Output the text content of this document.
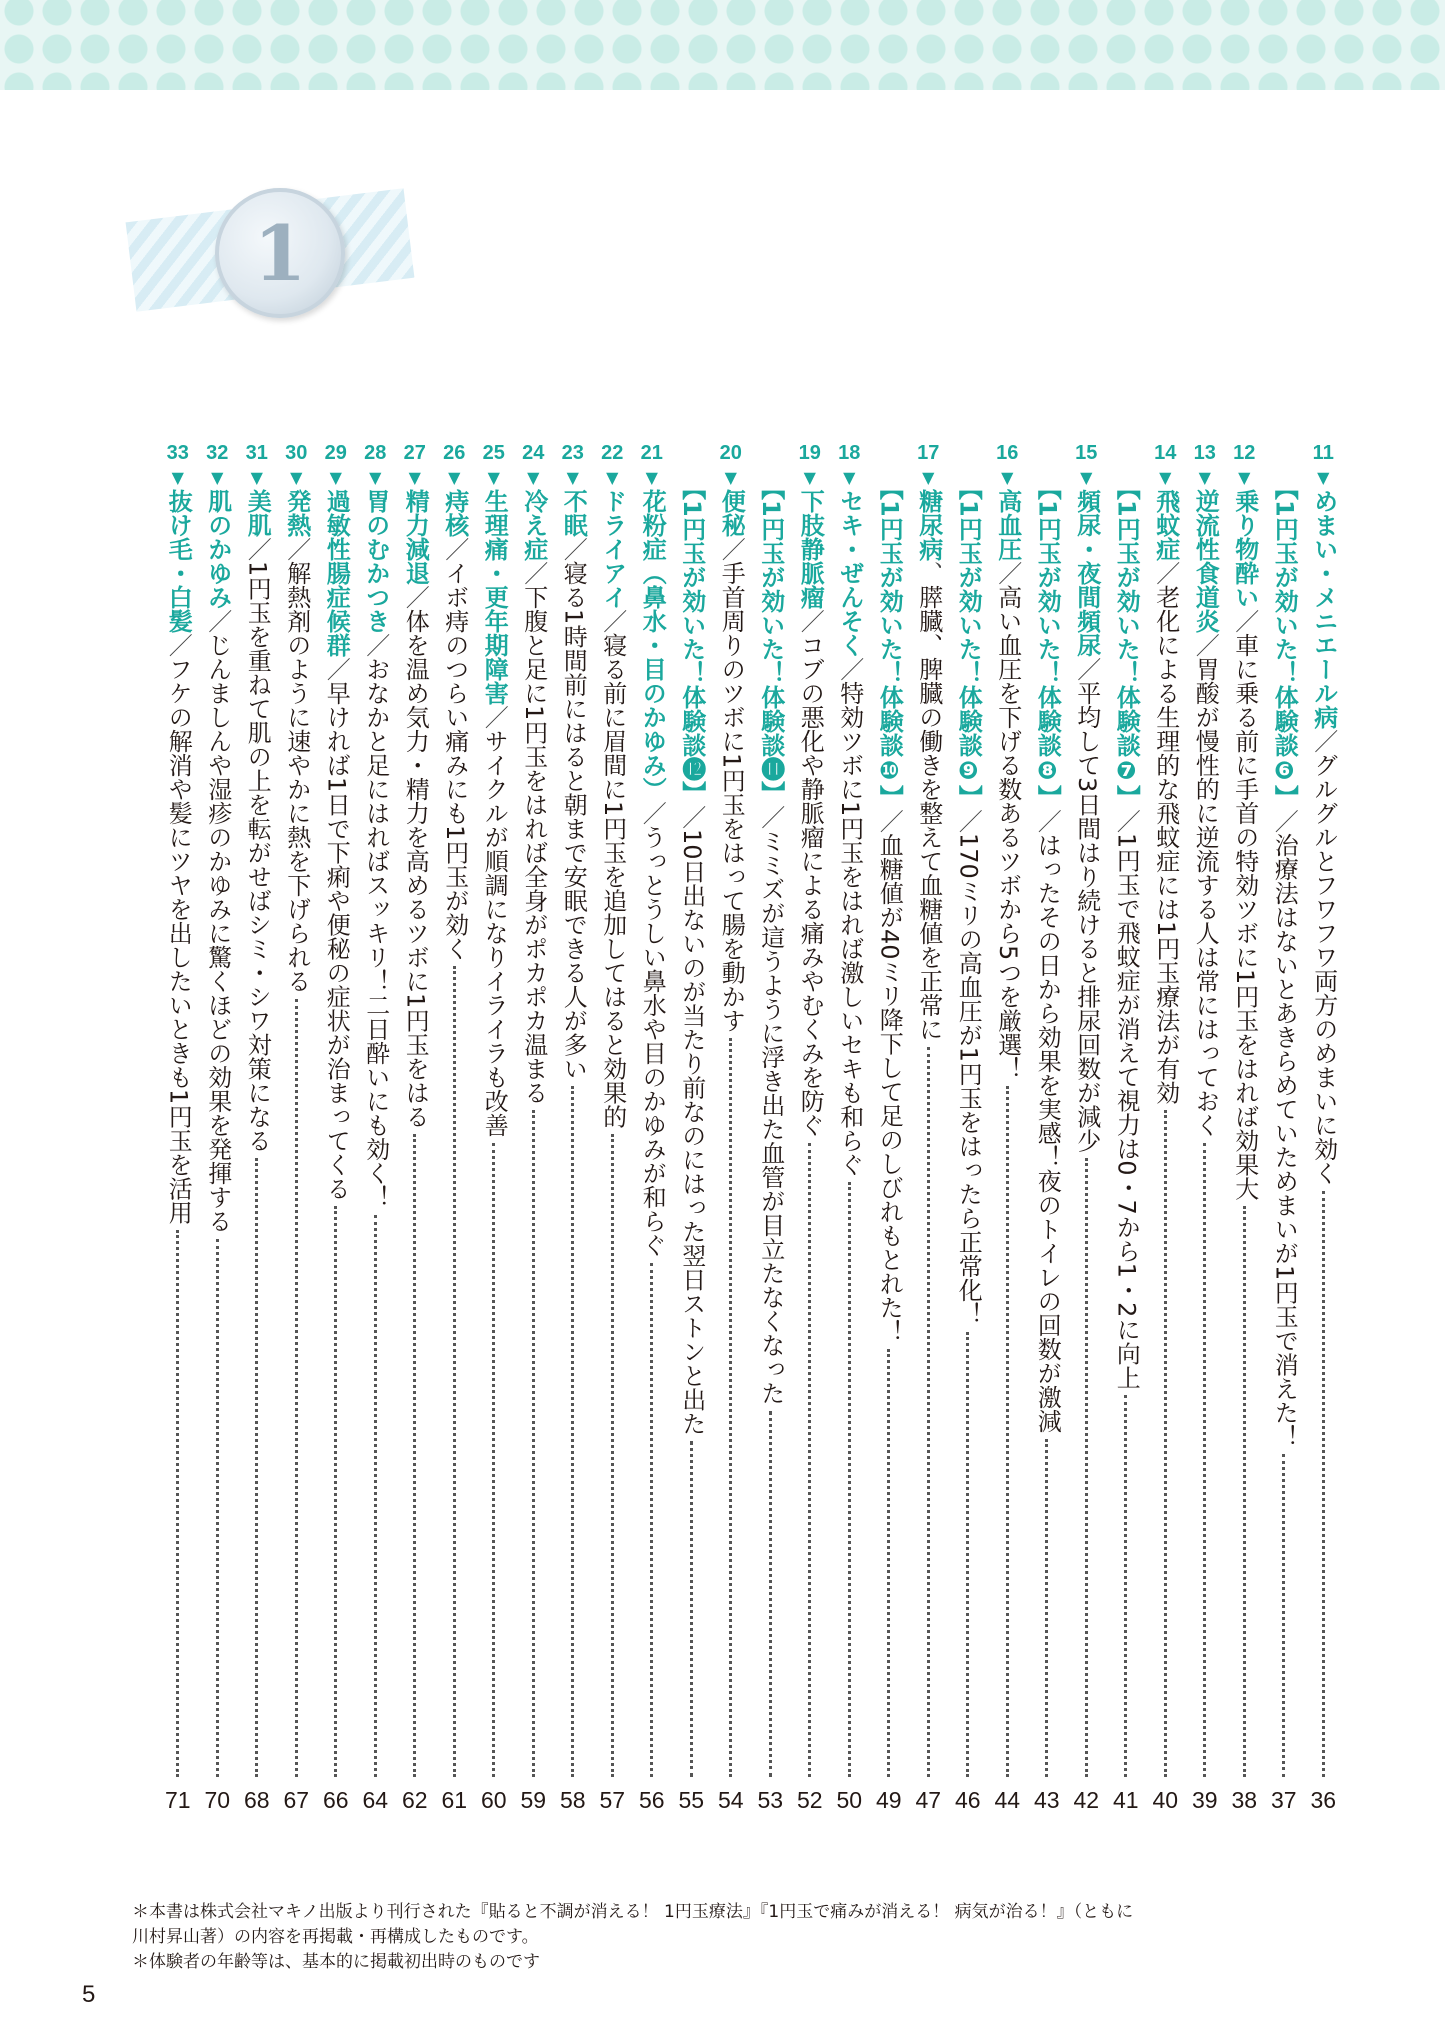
1
11
▼
めまい・メニエール病
／
グルグルとフワフワ両方のめまいに効く
36
【1円玉が効いた！体験談❻】
／
治療法はないとあきらめていためまいが1円玉で消えた！
37
12
▼
乗り物酔い
／
車に乗る前に手首の特効ツボに1円玉をはれば効果大
38
13
▼
逆流性食道炎
／
胃酸が慢性的に逆流する人は常にはっておく
39
14
▼
飛蚊症
／
老化による生理的な飛蚊症には1円玉療法が有効
40
【1円玉が効いた！体験談❼】
／
1円玉で飛蚊症が消えて視力は0・7から1・2に向上
41
15
▼
頻尿・夜間頻尿
／
平均して3日間はり続けると排尿回数が減少
42
【1円玉が効いた！体験談❽】
／
はったその日から効果を実感！夜のトイレの回数が激減
43
16
▼
高血圧
／
高い血圧を下げる数あるツボから5つを厳選！
44
【1円玉が効いた！体験談❾】
／
170ミリの高血圧が1円玉をはったら正常化！
46
17
▼
糖尿病
、
膵臓、脾臓の働きを整えて血糖値を正常に
47
【1円玉が効いた！体験談❿】
／
血糖値が40ミリ降下して足のしびれもとれた！
49
18
▼
セキ・ぜんそく
／
特効ツボに1円玉をはれば激しいセキも和らぐ
50
19
▼
下肢静脈瘤
／
コブの悪化や静脈瘤による痛みやむくみを防ぐ
52
【1円玉が効いた！体験談⓫】
／
ミミズが這うように浮き出た血管が目立たなくなった
53
20
▼
便秘
／
手首周りのツボに1円玉をはって腸を動かす
54
【1円玉が効いた！体験談⓬】
／
10日出ないのが当たり前なのにはった翌日ストンと出た
55
21
▼
花粉症（鼻水・目のかゆみ）
／
うっとうしい鼻水や目のかゆみが和らぐ
56
22
▼
ドライアイ
／
寝る前に眉間に1円玉を追加してはると効果的
57
23
▼
不眠
／
寝る1時間前にはると朝まで安眠できる人が多い
58
24
▼
冷え症
／
下腹と足に1円玉をはれば全身がポカポカ温まる
59
25
▼
生理痛・更年期障害
／
サイクルが順調になりイライラも改善
60
26
▼
痔核
／
イボ痔のつらい痛みにも1円玉が効く
61
27
▼
精力減退
／
体を温め気力・精力を高めるツボに1円玉をはる
62
28
▼
胃のむかつき
／
おなかと足にはればスッキリ！二日酔いにも効く！
64
29
▼
過敏性腸症候群
／
早ければ1日で下痢や便秘の症状が治まってくる
66
30
▼
発熱
／
解熱剤のように速やかに熱を下げられる
67
31
▼
美肌
／
1円玉を重ねて肌の上を転がせばシミ・シワ対策になる
68
32
▼
肌のかゆみ
／
じんましんや湿疹のかゆみに驚くほどの効果を発揮する
70
33
▼
抜け毛・白髪
／
フケの解消や髪にツヤを出したいときも1円玉を活用
71
＊本書は株式会社マキノ出版より刊行された『貼ると不調が消える！ 1円玉療法』『1円玉で痛みが消える！ 病気が治る！』（ともに
川村昇山著）の内容を再掲載・再構成したものです。
＊体験者の年齢等は、基本的に掲載初出時のものです
5
